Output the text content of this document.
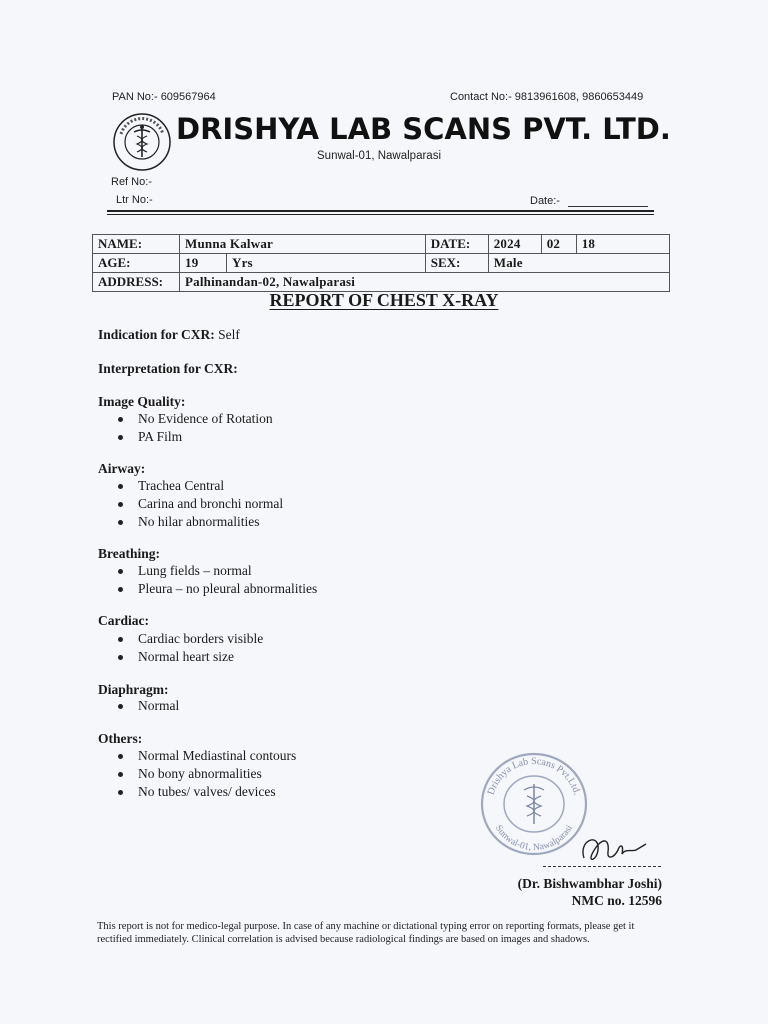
PAN No:- 609567964	Contact No:- 9813961608, 9860653449
DRISHYA LAB SCANS PVT. LTD.
Sunwal-01, Nawalparasi
Ref No:-
Ltr No:-	Date:-
NAME:	Munna Kalwar		DATE:	2024	02	18
AGE:	19	Yrs	SEX:	Male		
ADDRESS:	Palhinandan-02, Nawalparasi					
REPORT OF CHEST X-RAY
Indication for CXR: Self
Interpretation for CXR:
Image Quality:
No Evidence of Rotation
PA Film
Airway:
Trachea Central
Carina and bronchi normal
No hilar abnormalities
Breathing:
Lung fields – normal
Pleura – no pleural abnormalities
Cardiac:
Cardiac borders visible
Normal heart size
Diaphragm:
Normal
Others:
Normal Mediastinal contours
No bony abnormalities
No tubes/ valves/ devices	Drishya Lab Scans Pvt.Ltd.
Sunwal-01, Nawalparasi
(Dr. Bishwambhar Joshi)
NMC no. 12596
This report is not for medico-legal purpose. In case of any machine or dictational typing error on reporting formats, please get it rectified immediately. Clinical correlation is advised because radiological findings are based on images and shadows.
